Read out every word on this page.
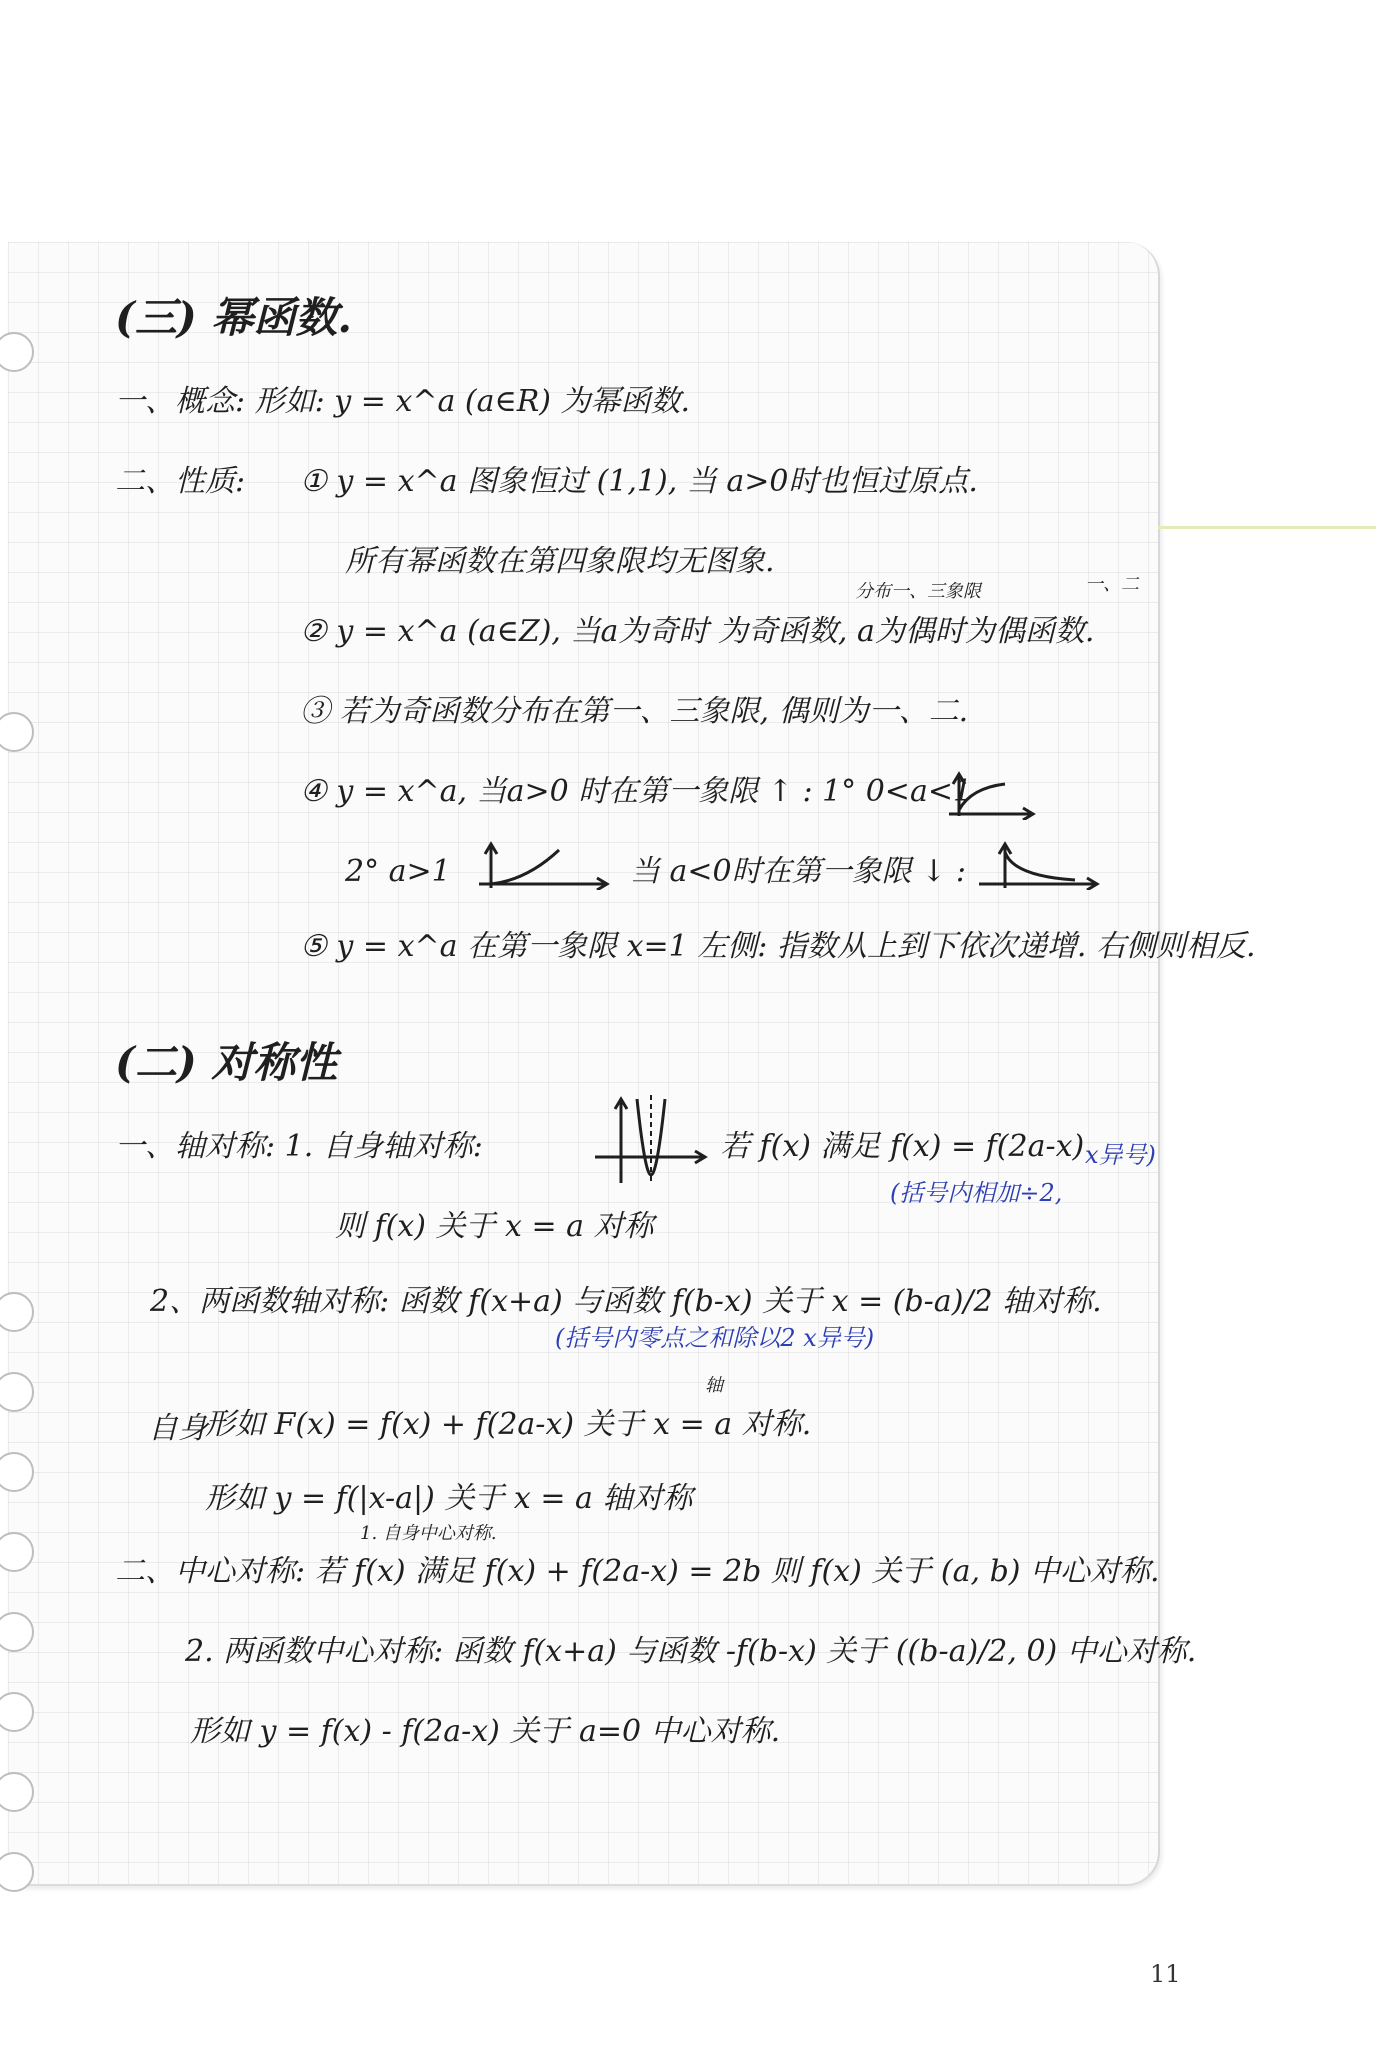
(三) 幂函数.
一、概念: 形如: y = x^a (a∈R) 为幂函数.
二、性质: ① y = x^a 图象恒过 (1,1), 当 a>0时也恒过原点.
所有幂函数在第四象限均无图象.
分布一、三象限	一、二
② y = x^a (a∈Z), 当a为奇时 为奇函数, a为偶时为偶函数.
③ 若为奇函数分布在第一、三象限, 偶则为一、二.
④ y = x^a, 当a>0 时在第一象限 ↑ : 1° 0<a<1
2° a>1	当 a<0时在第一象限 ↓ :
⑤ y = x^a 在第一象限 x=1 左侧: 指数从上到下依次递增. 右侧则相反.
(二) 对称性
一、轴对称: 1. 自身轴对称:	若 f(x) 满足 f(x) = f(2a-x) x异号)
(括号内相加÷2,
则 f(x) 关于 x = a 对称
2、两函数轴对称: 函数 f(x+a) 与函数 f(b-x) 关于 x = (b-a)/2 轴对称.
(括号内零点之和除以2 x异号)
自身
轴
形如 F(x) = f(x) + f(2a-x) 关于 x = a 对称.
形如 y = f(|x-a|) 关于 x = a 轴对称
1. 自身中心对称.
二、中心对称: 若 f(x) 满足 f(x) + f(2a-x) = 2b 则 f(x) 关于 (a, b) 中心对称.
2. 两函数中心对称: 函数 f(x+a) 与函数 -f(b-x) 关于 ((b-a)/2, 0) 中心对称.
形如 y = f(x) - f(2a-x) 关于 a=0 中心对称.
11
